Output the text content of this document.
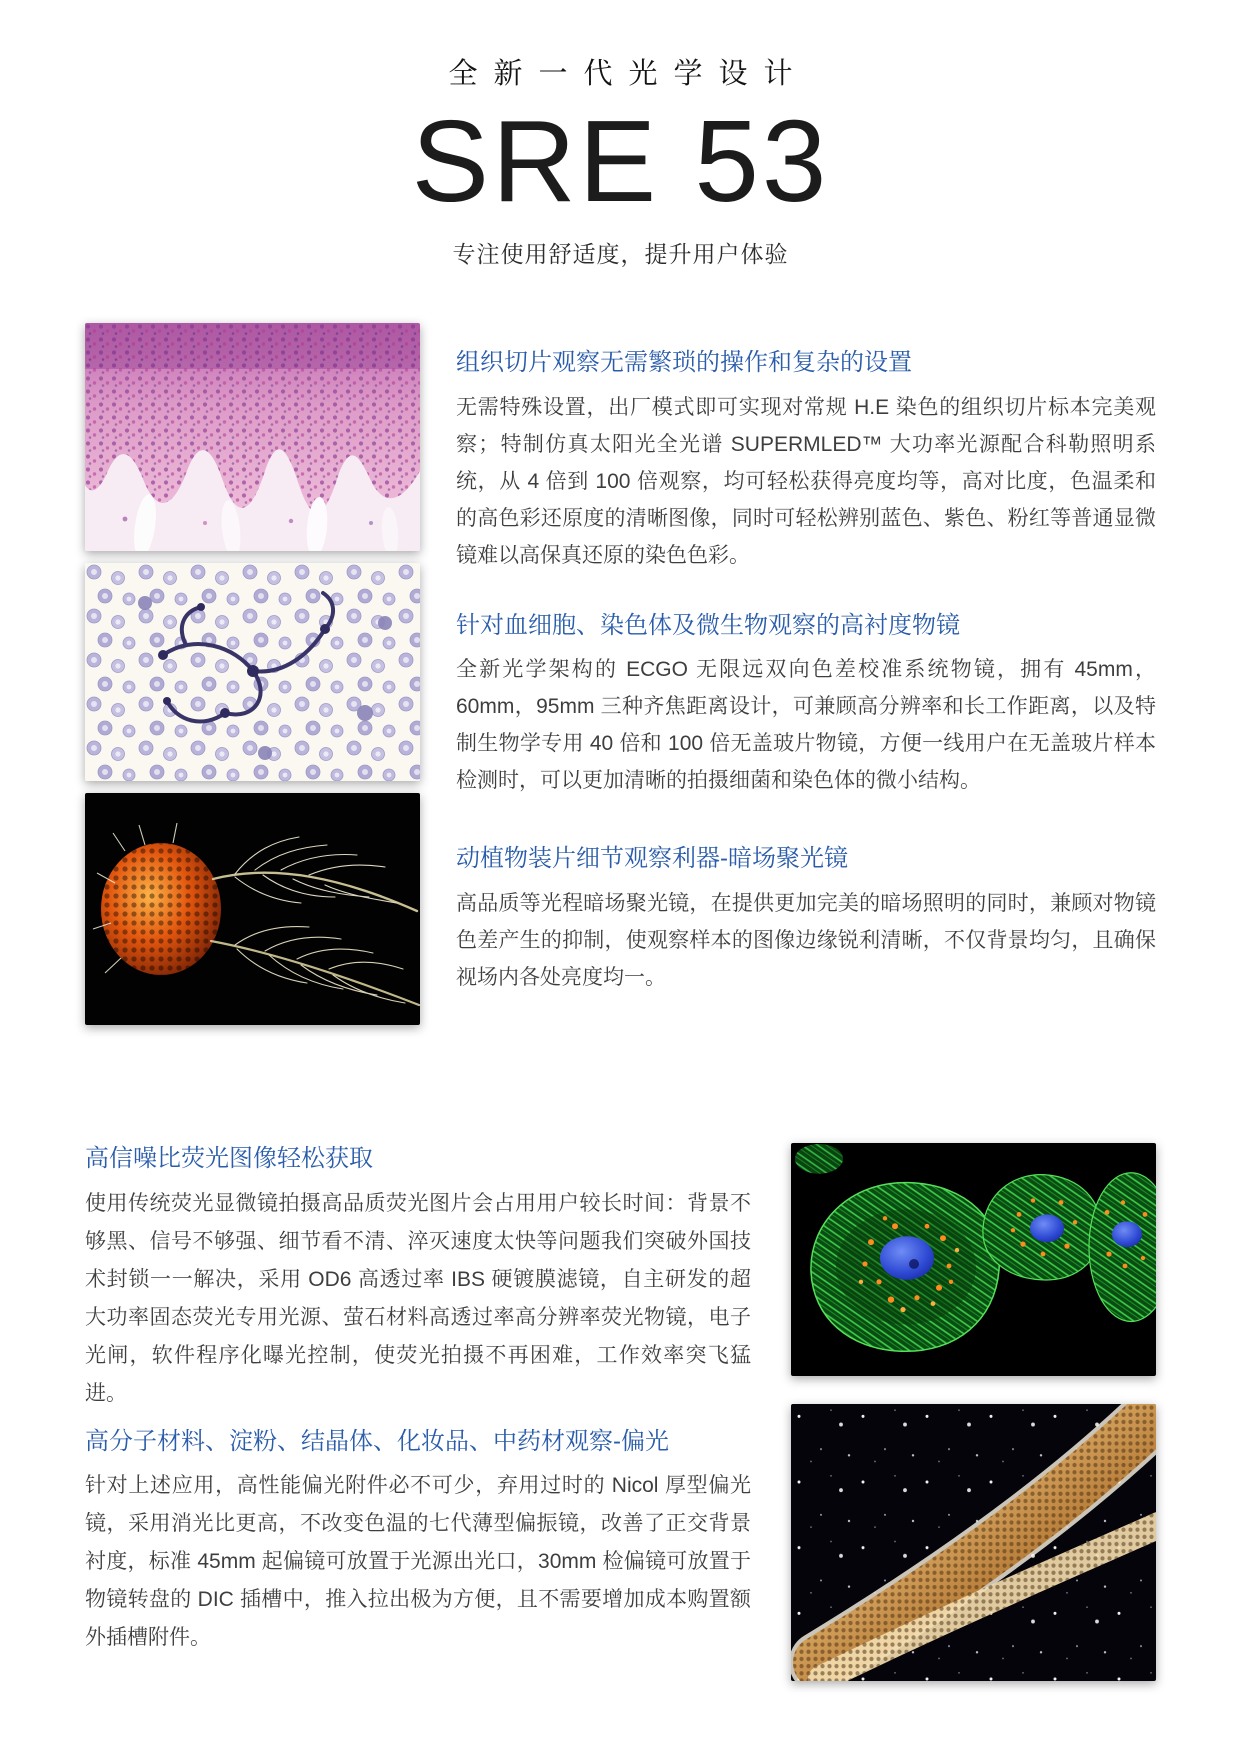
全新一代光学设计
SRE 53
专注使用舒适度，提升用户体验
组织切片观察无需繁琐的操作和复杂的设置

无需特殊设置，出厂模式即可实现对常规 H.E 染色的组织切片标本完美观察；特制仿真太阳光全光谱 SUPERMLED™ 大功率光源配合科勒照明系统，从 4 倍到 100 倍观察，均可轻松获得亮度均等，高对比度，色温柔和的高色彩还原度的清晰图像，同时可轻松辨别蓝色、紫色、粉红等普通显微镜难以高保真还原的染色色彩。

针对血细胞、染色体及微生物观察的高衬度物镜

全新光学架构的 ECGO 无限远双向色差校准系统物镜，拥有 45mm，60mm，95mm 三种齐焦距离设计，可兼顾高分辨率和长工作距离，以及特制生物学专用 40 倍和 100 倍无盖玻片物镜，方便一线用户在无盖玻片样本检测时，可以更加清晰的拍摄细菌和染色体的微小结构。

动植物装片细节观察利器-暗场聚光镜

高品质等光程暗场聚光镜，在提供更加完美的暗场照明的同时，兼顾对物镜色差产生的抑制，使观察样本的图像边缘锐利清晰，不仅背景均匀，且确保视场内各处亮度均一。

高信噪比荧光图像轻松获取

使用传统荧光显微镜拍摄高品质荧光图片会占用用户较长时间：背景不够黑、信号不够强、细节看不清、淬灭速度太快等问题我们突破外国技术封锁一一解决，采用 OD6 高透过率 IBS 硬镀膜滤镜，自主研发的超大功率固态荧光专用光源、萤石材料高透过率高分辨率荧光物镜，电子光闸，软件程序化曝光控制，使荧光拍摄不再困难，工作效率突飞猛进。

高分子材料、淀粉、结晶体、化妆品、中药材观察-偏光

针对上述应用，高性能偏光附件必不可少，弃用过时的 Nicol 厚型偏光镜，采用消光比更高，不改变色温的七代薄型偏振镜，改善了正交背景衬度，标准 45mm 起偏镜可放置于光源出光口，30mm 检偏镜可放置于物镜转盘的 DIC 插槽中，推入拉出极为方便，且不需要增加成本购置额外插槽附件。
